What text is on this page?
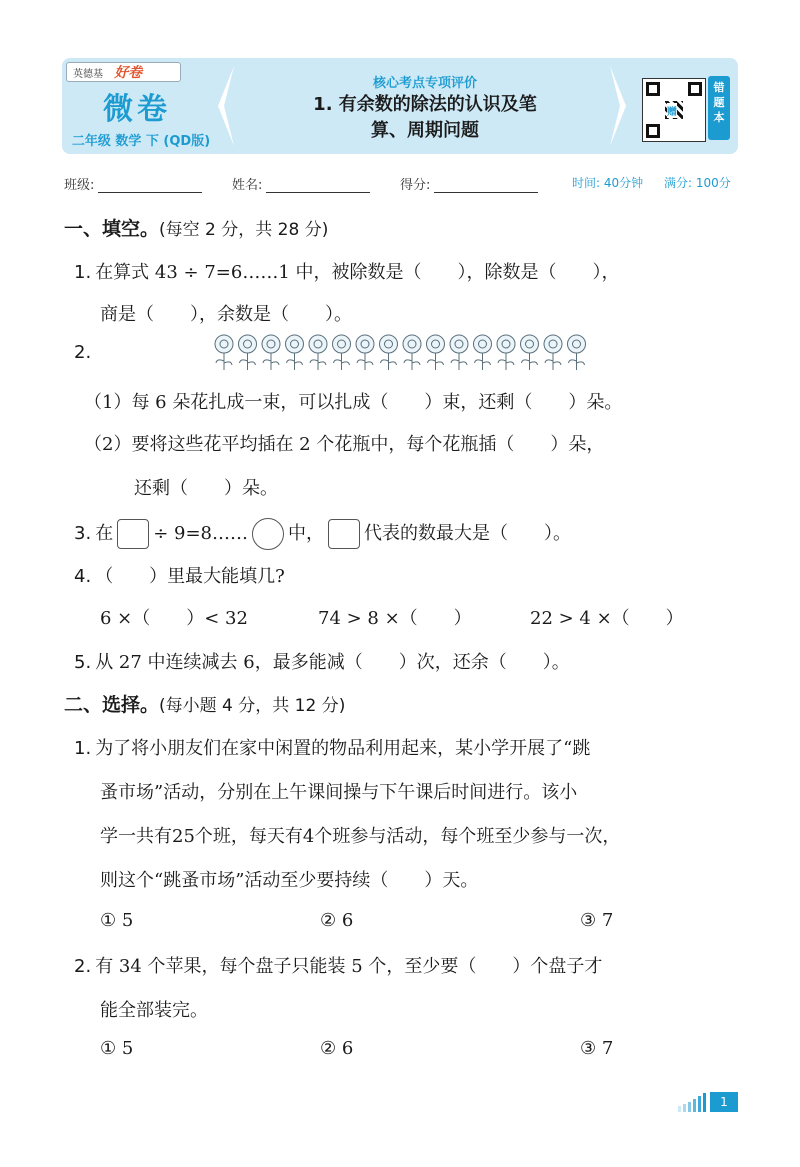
英德基 好卷
微卷
二年级 数学 下 (QD版)
核心考点专项评价
1. 有余数的除法的认识及笔
算、周期问题
赠
错
题
本
班级:	姓名:	得分:	时间: 40分钟 满分: 100分
一、填空。(每空 2 分，共 28 分)
1. 在算式 43 ÷ 7=6……1 中，被除数是（　　），除数是（　　），
商是（　　），余数是（　　）。
2.
（1）每 6 朵花扎成一束，可以扎成（　　）束，还剩（　　）朵。
（2）要将这些花平均插在 2 个花瓶中，每个花瓶插（　　）朵，
还剩（　　）朵。
3. 在 ÷ 9=8…… 中， 代表的数最大是（　　）。
4. （　　）里最大能填几?
6 ×（　　）< 32	74 > 8 ×（　　）	22 > 4 ×（　　）
5. 从 27 中连续减去 6，最多能减（　　）次，还余（　　）。
二、选择。(每小题 4 分，共 12 分)
1. 为了将小朋友们在家中闲置的物品利用起来，某小学开展了“跳
蚤市场”活动，分别在上午课间操与下午课后时间进行。该小
学一共有25个班，每天有4个班参与活动，每个班至少参与一次，
则这个“跳蚤市场”活动至少要持续（　　）天。
① 5	② 6	③ 7
2. 有 34 个苹果，每个盘子只能装 5 个，至少要（　　）个盘子才
能全部装完。
① 5	② 6	③ 7
1
